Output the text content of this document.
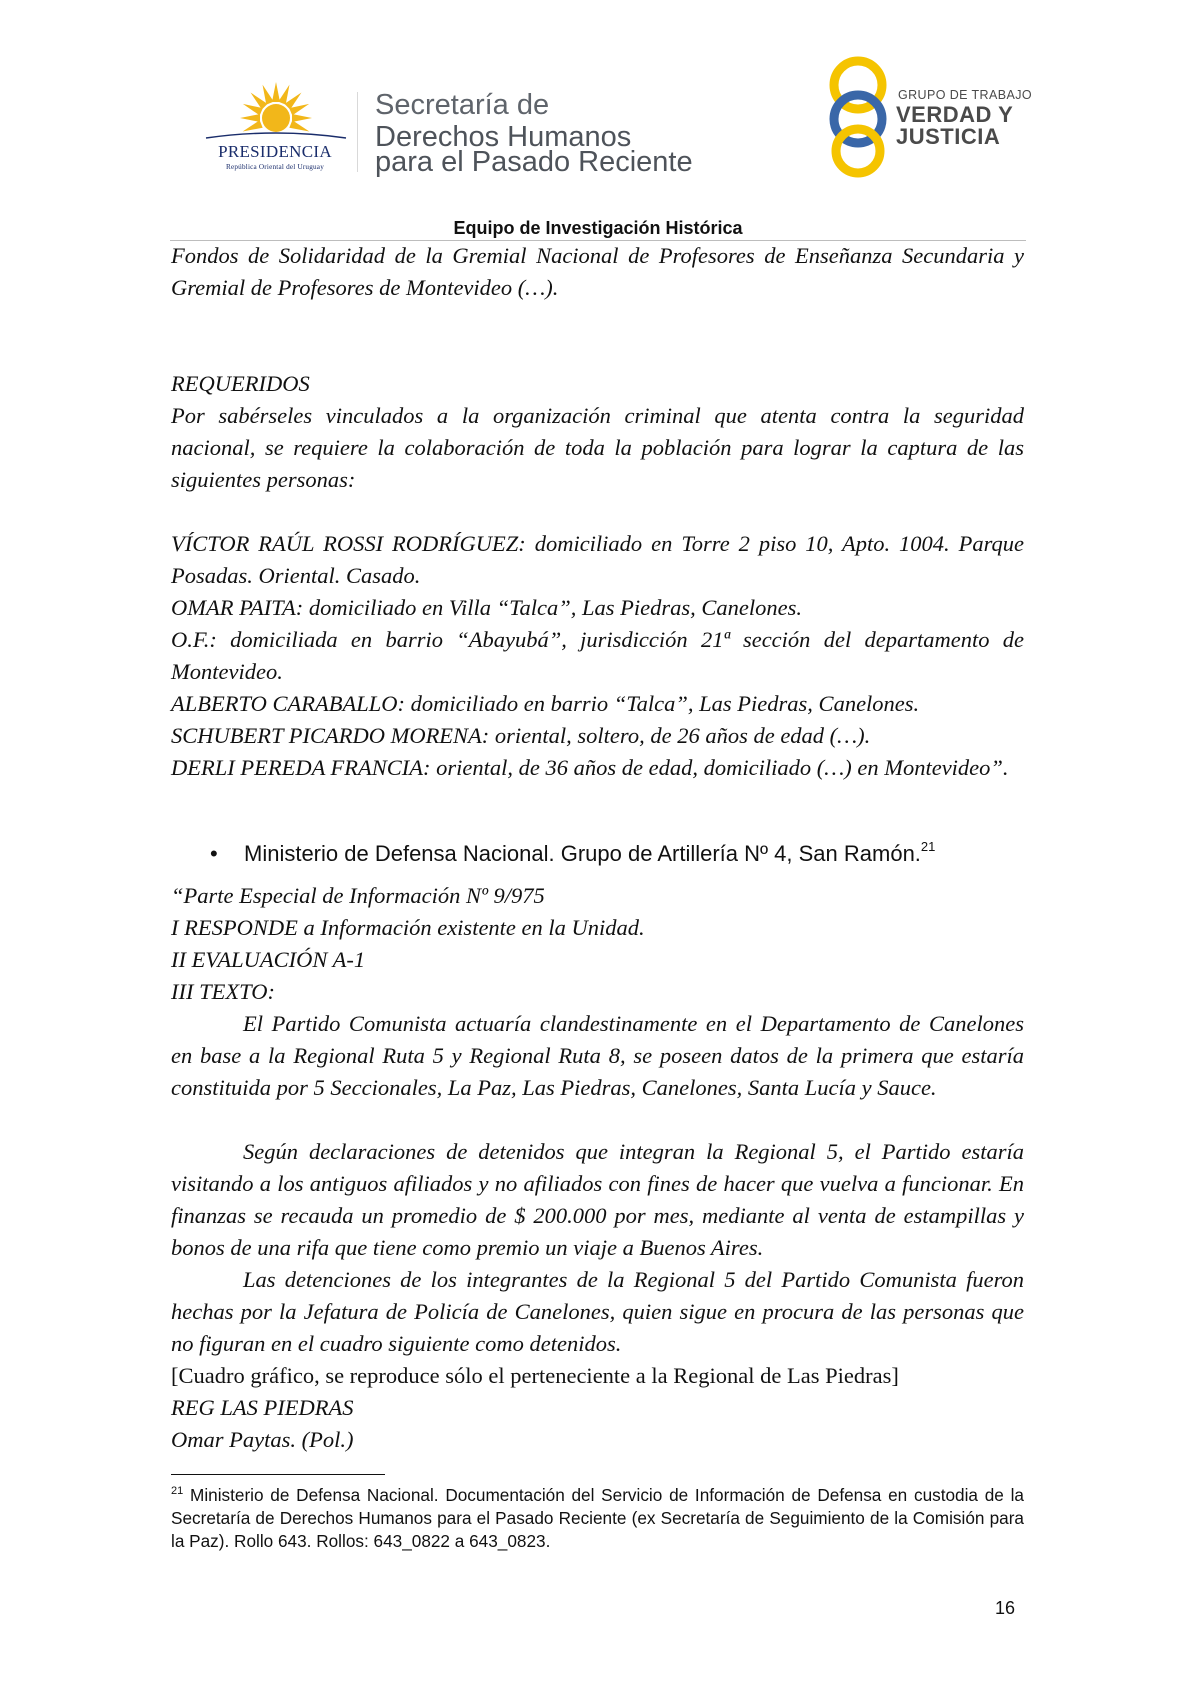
PRESIDENCIA
República Oriental del Uruguay
Secretaría de
Derechos Humanos
para el Pasado Reciente
GRUPO DE TRABAJO
VERDAD Y
JUSTICIA
Equipo de Investigación Histórica
Fondos de Solidaridad de la Gremial Nacional de Profesores de Enseñanza Secundaria y Gremial de Profesores de Montevideo (…).
REQUERIDOS
Por sabérseles vinculados a la organización criminal que atenta contra la seguridad nacional, se requiere la colaboración de toda la población para lograr la captura de las siguientes personas:
VÍCTOR RAÚL ROSSI RODRÍGUEZ: domiciliado en Torre 2 piso 10, Apto. 1004. Parque Posadas. Oriental. Casado.
OMAR PAITA: domiciliado en Villa “Talca”, Las Piedras, Canelones.
O.F.: domiciliada en barrio “Abayubá”, jurisdicción 21ª sección del departamento de Montevideo.
ALBERTO CARABALLO: domiciliado en barrio “Talca”, Las Piedras, Canelones.
SCHUBERT PICARDO MORENA: oriental, soltero, de 26 años de edad (…).
DERLI PEREDA FRANCIA: oriental, de 36 años de edad, domiciliado (…) en Montevideo”.
• Ministerio de Defensa Nacional. Grupo de Artillería Nº 4, San Ramón.$^{21}$
“Parte Especial de Información Nº 9/975
I RESPONDE a Información existente en la Unidad.
II EVALUACIÓN A-1
III TEXTO:
El Partido Comunista actuaría clandestinamente en el Departamento de Canelones en base a la Regional Ruta 5 y Regional Ruta 8, se poseen datos de la primera que estaría constituida por 5 Seccionales, La Paz, Las Piedras, Canelones, Santa Lucía y Sauce.
Según declaraciones de detenidos que integran la Regional 5, el Partido estaría visitando a los antiguos afiliados y no afiliados con fines de hacer que vuelva a funcionar. En finanzas se recauda un promedio de $ 200.000 por mes, mediante al venta de estampillas y bonos de una rifa que tiene como premio un viaje a Buenos Aires.
Las detenciones de los integrantes de la Regional 5 del Partido Comunista fueron hechas por la Jefatura de Policía de Canelones, quien sigue en procura de las personas que no figuran en el cuadro siguiente como detenidos.
[Cuadro gráfico, se reproduce sólo el perteneciente a la Regional de Las Piedras]
REG LAS PIEDRAS
Omar Paytas. (Pol.)
$^{21}$ Ministerio de Defensa Nacional. Documentación del Servicio de Información de Defensa en custodia de la Secretaría de Derechos Humanos para el Pasado Reciente (ex Secretaría de Seguimiento de la Comisión para la Paz). Rollo 643. Rollos: 643_0822 a 643_0823.
16
